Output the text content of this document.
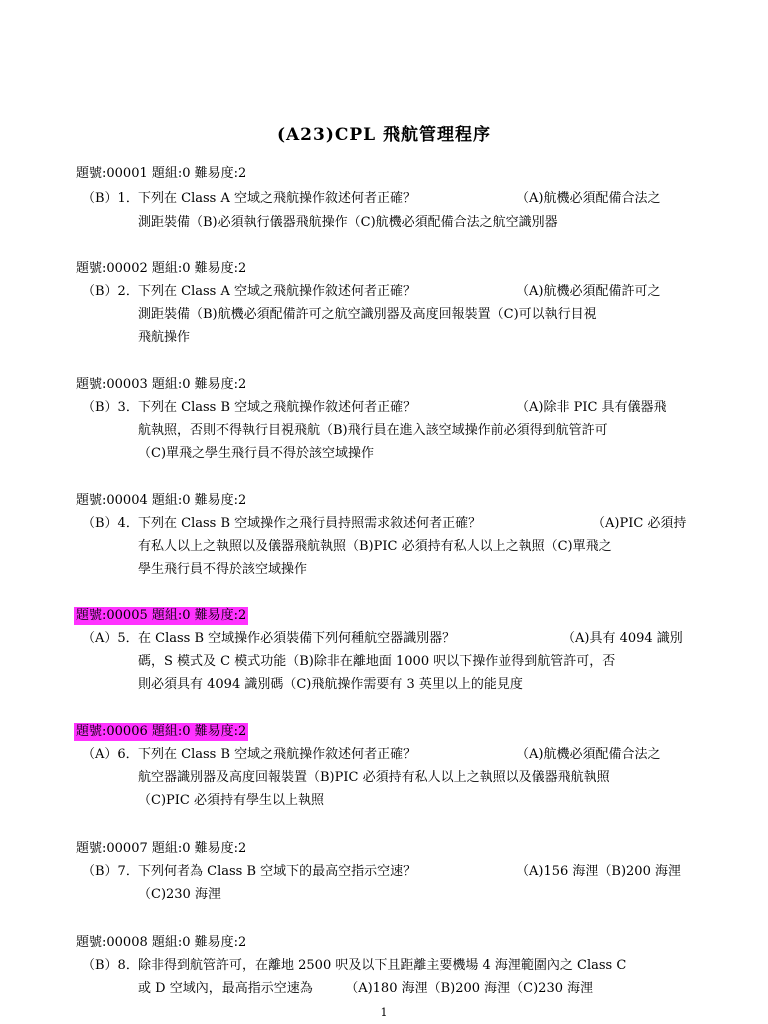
(A23)CPL 飛航管理程序
題號:00001 題組:0 難易度:2
（B）1． 下列在 Class A 空域之飛航操作敘述何者正確？	（A)航機必須配備合法之
測距裝備（B)必須執行儀器飛航操作（C)航機必須配備合法之航空識別器
題號:00002 題組:0 難易度:2
（B）2． 下列在 Class A 空域之飛航操作敘述何者正確？	（A)航機必須配備許可之
測距裝備（B)航機必須配備許可之航空識別器及高度回報裝置（C)可以執行目視
飛航操作
題號:00003 題組:0 難易度:2
（B）3． 下列在 Class B 空域之飛航操作敘述何者正確？	（A)除非 PIC 具有儀器飛
航執照，否則不得執行目視飛航（B)飛行員在進入該空域操作前必須得到航管許可
（C)單飛之學生飛行員不得於該空域操作
題號:00004 題組:0 難易度:2
（B）4． 下列在 Class B 空域操作之飛行員持照需求敘述何者正確？	（A)PIC 必須持
有私人以上之執照以及儀器飛航執照（B)PIC 必須持有私人以上之執照（C)單飛之
學生飛行員不得於該空域操作
題號:00005 題組:0 難易度:2
（A）5． 在 Class B 空域操作必須裝備下列何種航空器識別器？	（A)具有 4094 識別
碼，S 模式及 C 模式功能（B)除非在離地面 1000 呎以下操作並得到航管許可，否
則必須具有 4094 識別碼（C)飛航操作需要有 3 英里以上的能見度
題號:00006 題組:0 難易度:2
（A）6． 下列在 Class B 空域之飛航操作敘述何者正確？	（A)航機必須配備合法之
航空器識別器及高度回報裝置（B)PIC 必須持有私人以上之執照以及儀器飛航執照
（C)PIC 必須持有學生以上執照
題號:00007 題組:0 難易度:2
（B）7． 下列何者為 Class B 空域下的最高空指示空速？	（A)156 海浬（B)200 海浬
（C)230 海浬
題號:00008 題組:0 難易度:2
（B）8． 除非得到航管許可，在離地 2500 呎及以下且距離主要機場 4 海浬範圍內之 Class C
或 D 空域內，最高指示空速為　　　（A)180 海浬（B)200 海浬（C)230 海浬
1
